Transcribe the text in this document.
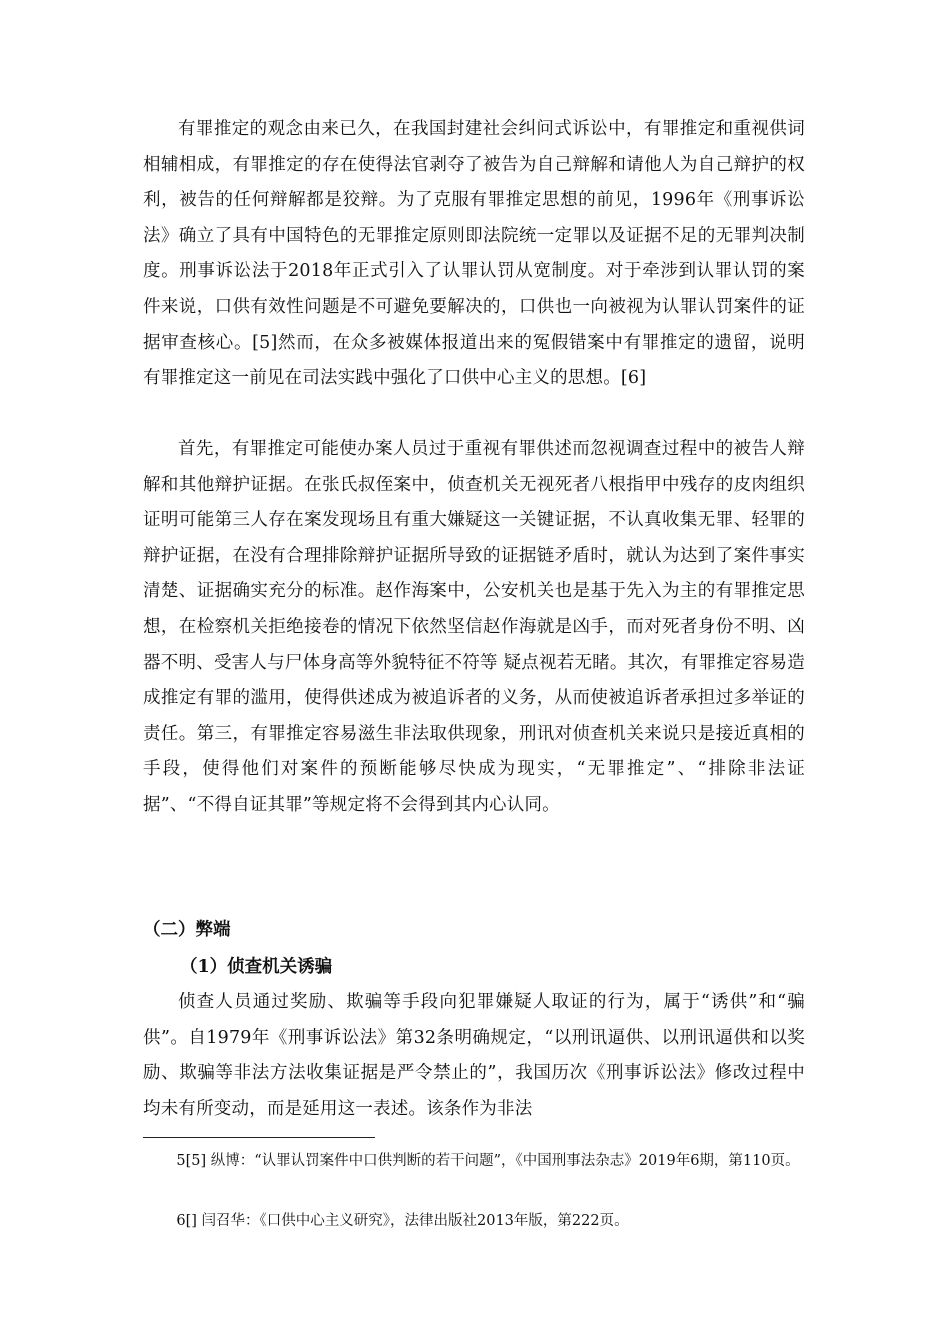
有罪推定的观念由来已久，在我国封建社会纠问式诉讼中，有罪推定和重视供词相辅相成，有罪推定的存在使得法官剥夺了被告为自己辩解和请他人为自己辩护的权利，被告的任何辩解都是狡辩。为了克服有罪推定思想的前见，1996年《刑事诉讼法》确立了具有中国特色的无罪推定原则即法院统一定罪以及证据不足的无罪判决制度。刑事诉讼法于2018年正式引入了认罪认罚从宽制度。对于牵涉到认罪认罚的案件来说，口供有效性问题是不可避免要解决的，口供也一向被视为认罪认罚案件的证据审查核心。[5]然而，在众多被媒体报道出来的冤假错案中有罪推定的遗留，说明有罪推定这一前见在司法实践中强化了口供中心主义的思想。[6]

首先，有罪推定可能使办案人员过于重视有罪供述而忽视调查过程中的被告人辩解和其他辩护证据。在张氏叔侄案中，侦查机关无视死者八根指甲中残存的皮肉组织证明可能第三人存在案发现场且有重大嫌疑这一关键证据，不认真收集无罪、轻罪的辩护证据，在没有合理排除辩护证据所导致的证据链矛盾时，就认为达到了案件事实清楚、证据确实充分的标准。赵作海案中，公安机关也是基于先入为主的有罪推定思想，在检察机关拒绝接卷的情况下依然坚信赵作海就是凶手，而对死者身份不明、凶器不明、受害人与尸体身高等外貌特征不符等 疑点视若无睹。其次，有罪推定容易造成推定有罪的滥用，使得供述成为被追诉者的义务，从而使被追诉者承担过多举证的责任。第三，有罪推定容易滋生非法取供现象，刑讯对侦查机关来说只是接近真相的手段，使得他们对案件的预断能够尽快成为现实，“无罪推定”、“排除非法证据”、“不得自证其罪”等规定将不会得到其内心认同。

（二）弊端
（1）侦查机关诱骗

侦查人员通过奖励、欺骗等手段向犯罪嫌疑人取证的行为，属于“诱供”和“骗供”。自1979年《刑事诉讼法》第32条明确规定，“以刑讯逼供、以刑讯逼供和以奖励、欺骗等非法方法收集证据是严令禁止的”，我国历次《刑事诉讼法》修改过程中均未有所变动，而是延用这一表述。该条作为非法

5[5] 纵博：“认罪认罚案件中口供判断的若干问题”，《中国刑事法杂志》2019年6期，第110页。

6[] 闫召华：《口供中心主义研究》，法律出版社2013年版，第222页。
